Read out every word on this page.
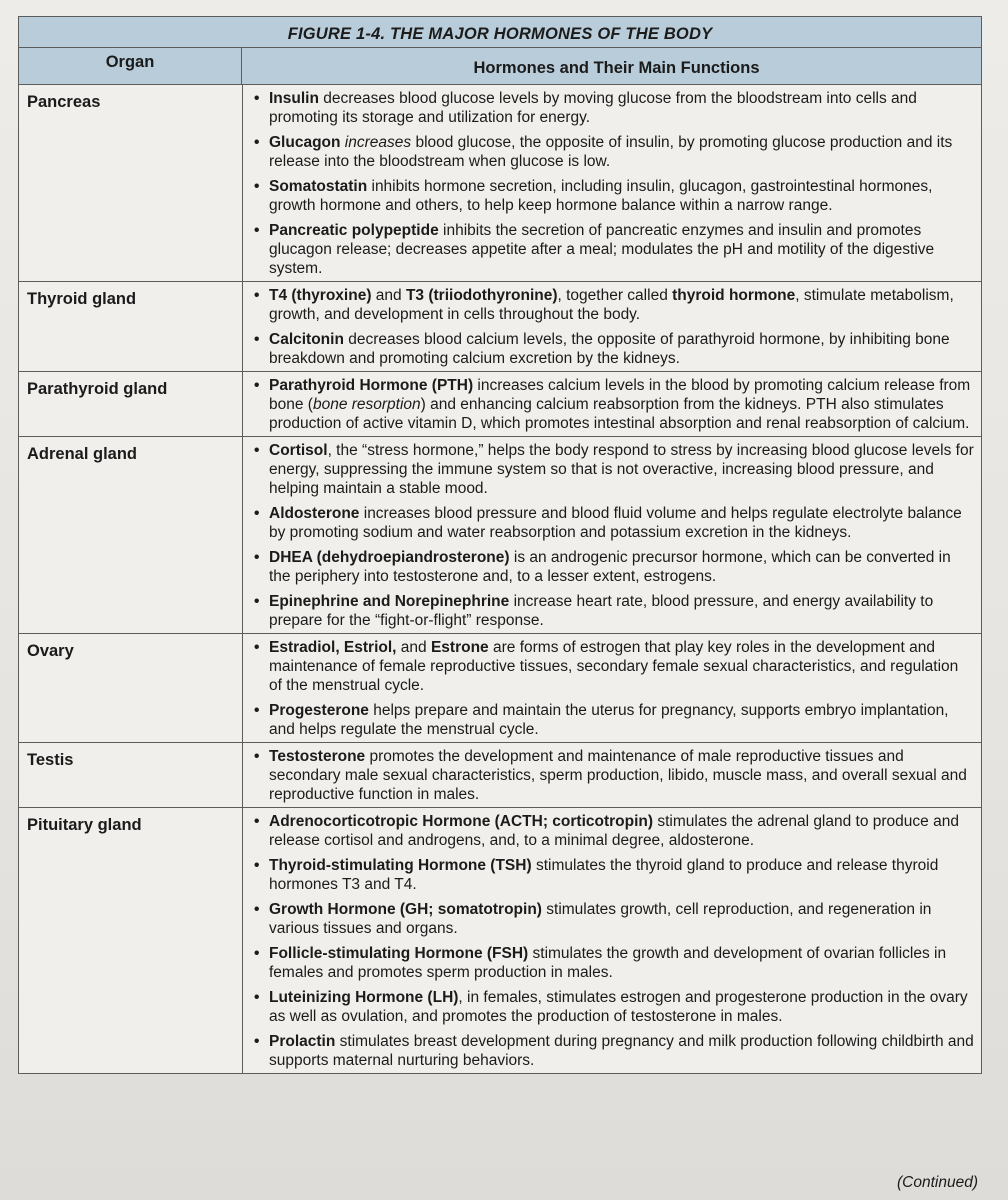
FIGURE 1-4. THE MAJOR HORMONES OF THE BODY
Organ	Hormones and Their Main Functions
Pancreas	• Insulin decreases blood glucose levels by moving glucose from the bloodstream into cells and promoting its storage and utilization for energy.
• Glucagon increases blood glucose, the opposite of insulin, by promoting glucose production and its release into the bloodstream when glucose is low.
• Somatostatin inhibits hormone secretion, including insulin, glucagon, gastrointestinal hormones, growth hormone and others, to help keep hormone balance within a narrow range.
• Pancreatic polypeptide inhibits the secretion of pancreatic enzymes and insulin and promotes glucagon release; decreases appetite after a meal; modulates the pH and motility of the digestive system.
Thyroid gland	• T4 (thyroxine) and T3 (triiodothyronine), together called thyroid hormone, stimulate metabolism, growth, and development in cells throughout the body.
• Calcitonin decreases blood calcium levels, the opposite of parathyroid hormone, by inhibiting bone breakdown and promoting calcium excretion by the kidneys.
Parathyroid gland	• Parathyroid Hormone (PTH) increases calcium levels in the blood by promoting calcium release from bone (bone resorption) and enhancing calcium reabsorption from the kidneys. PTH also stimulates production of active vitamin D, which promotes intestinal absorption and renal reabsorption of calcium.
Adrenal gland	• Cortisol, the “stress hormone,” helps the body respond to stress by increasing blood glucose levels for energy, suppressing the immune system so that is not overactive, increasing blood pressure, and helping maintain a stable mood.
• Aldosterone increases blood pressure and blood fluid volume and helps regulate electrolyte balance by promoting sodium and water reabsorption and potassium excretion in the kidneys.
• DHEA (dehydroepiandrosterone) is an androgenic precursor hormone, which can be converted in the periphery into testosterone and, to a lesser extent, estrogens.
• Epinephrine and Norepinephrine increase heart rate, blood pressure, and energy availability to prepare for the “fight-or-flight” response.
Ovary	• Estradiol, Estriol, and Estrone are forms of estrogen that play key roles in the development and maintenance of female reproductive tissues, secondary female sexual characteristics, and regulation of the menstrual cycle.
• Progesterone helps prepare and maintain the uterus for pregnancy, supports embryo implantation, and helps regulate the menstrual cycle.
Testis	• Testosterone promotes the development and maintenance of male reproductive tissues and secondary male sexual characteristics, sperm production, libido, muscle mass, and overall sexual and reproductive function in males.
Pituitary gland	• Adrenocorticotropic Hormone (ACTH; corticotropin) stimulates the adrenal gland to produce and release cortisol and androgens, and, to a minimal degree, aldosterone.
• Thyroid-stimulating Hormone (TSH) stimulates the thyroid gland to produce and release thyroid hormones T3 and T4.
• Growth Hormone (GH; somatotropin) stimulates growth, cell reproduction, and regeneration in various tissues and organs.
• Follicle-stimulating Hormone (FSH) stimulates the growth and development of ovarian follicles in females and promotes sperm production in males.
• Luteinizing Hormone (LH), in females, stimulates estrogen and progesterone production in the ovary as well as ovulation, and promotes the production of testosterone in males.
• Prolactin stimulates breast development during pregnancy and milk production following childbirth and supports maternal nurturing behaviors.
(Continued)
